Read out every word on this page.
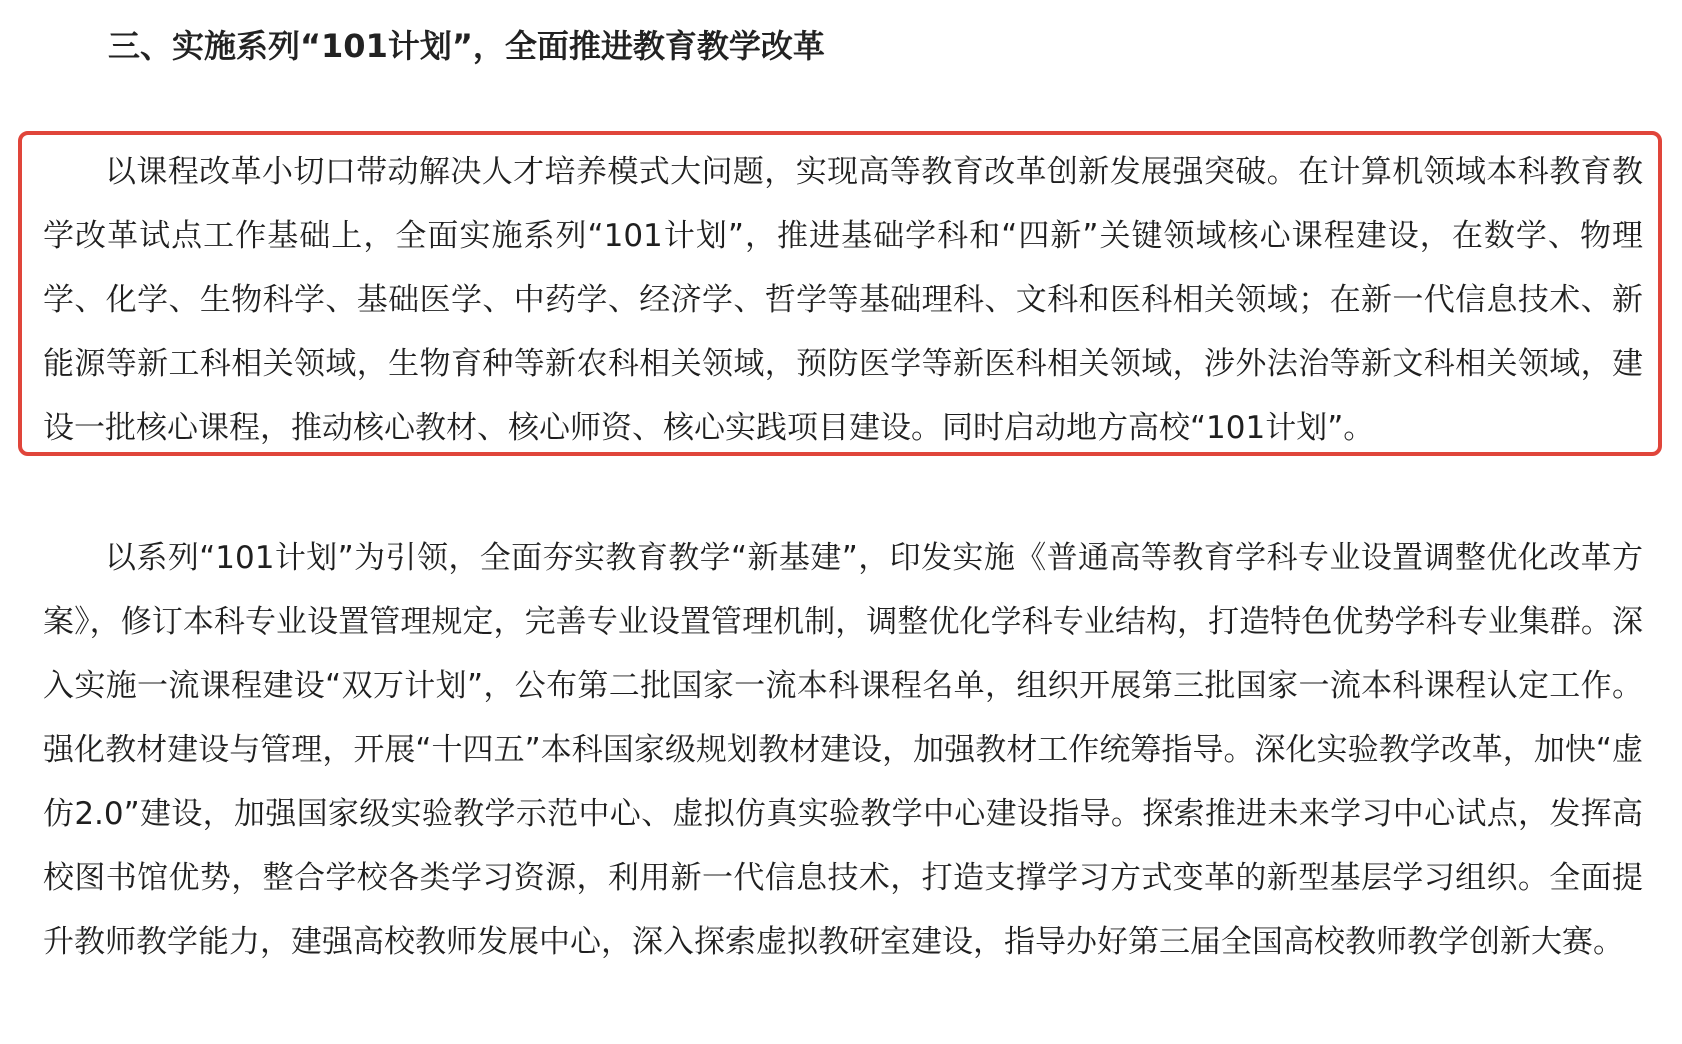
三、实施系列“101计划”，全面推进教育教学改革

以课程改革小切口带动解决人才培养模式大问题，实现高等教育改革创新发展强突破。在计算机领域本科教育教学改革试点工作基础上，全面实施系列“101计划”，推进基础学科和“四新”关键领域核心课程建设，在数学、物理学、化学、生物科学、基础医学、中药学、经济学、哲学等基础理科、文科和医科相关领域；在新一代信息技术、新能源等新工科相关领域，生物育种等新农科相关领域，预防医学等新医科相关领域，涉外法治等新文科相关领域，建设一批核心课程，推动核心教材、核心师资、核心实践项目建设。同时启动地方高校“101计划”。

以系列“101计划”为引领，全面夯实教育教学“新基建”，印发实施《普通高等教育学科专业设置调整优化改革方案》，修订本科专业设置管理规定，完善专业设置管理机制，调整优化学科专业结构，打造特色优势学科专业集群。深入实施一流课程建设“双万计划”，公布第二批国家一流本科课程名单，组织开展第三批国家一流本科课程认定工作。强化教材建设与管理，开展“十四五”本科国家级规划教材建设，加强教材工作统筹指导。深化实验教学改革，加快“虚仿2.0”建设，加强国家级实验教学示范中心、虚拟仿真实验教学中心建设指导。探索推进未来学习中心试点，发挥高校图书馆优势，整合学校各类学习资源，利用新一代信息技术，打造支撑学习方式变革的新型基层学习组织。全面提升教师教学能力，建强高校教师发展中心，深入探索虚拟教研室建设，指导办好第三届全国高校教师教学创新大赛。
